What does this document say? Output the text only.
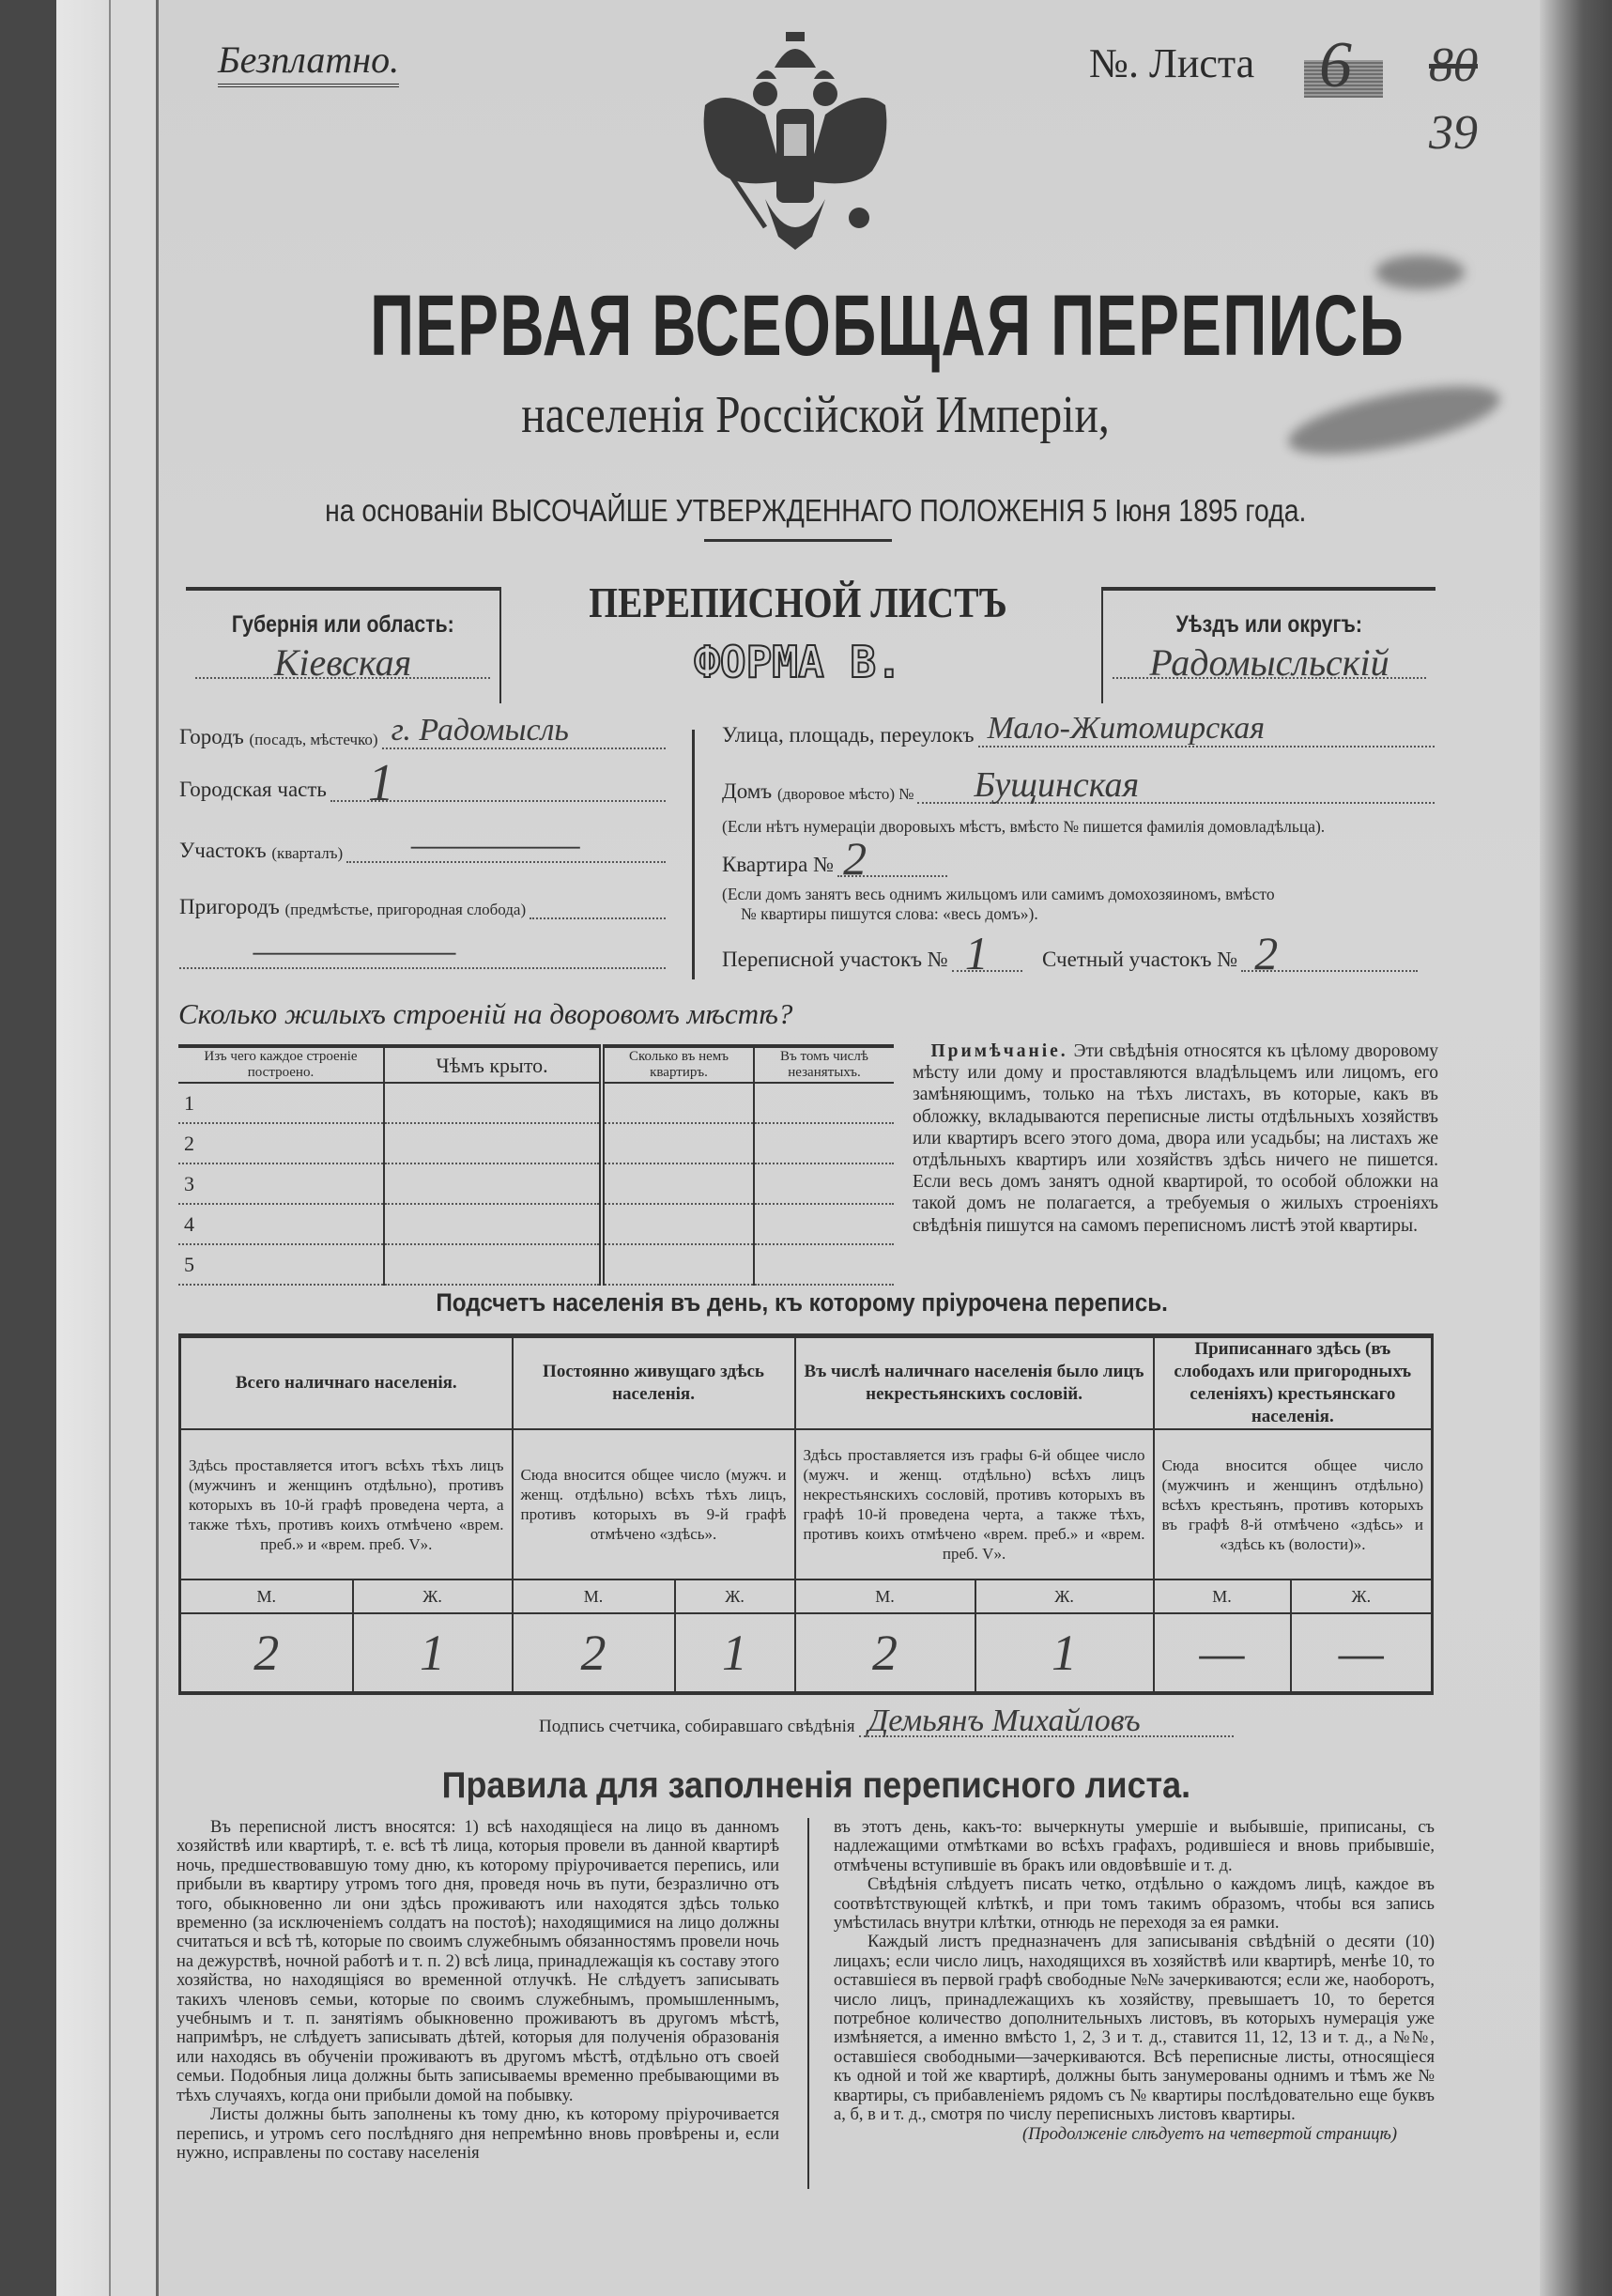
Безплатно.	№. Листа 6 80
39
ПЕРВАЯ ВСЕОБЩАЯ ПЕРЕПИСЬ
населенія Россійской Имперіи,
на основаніи ВЫСОЧАЙШЕ УТВЕРЖДЕННАГО ПОЛОЖЕНІЯ 5 Іюня 1895 года.
Губернія или область:
Кіевская
ПЕРЕПИСНОЙ ЛИСТЪ
ФОРМА В.
Уѣздъ или округъ:
Радомысльскій
Городъ
(посадъ, мѣстечко) г. Радомысль
Городская часть 1
Участокъ
(кварталъ) —
Пригородъ
(предмѣстье, пригородная слобода)
—
Улица, площадь, переулокъ Мало-Житомирская
Домъ
(дворовое мѣсто) № Бущинская
(Если нѣтъ нумераціи дворовыхъ мѣстъ, вмѣсто № пишется фамилія домовладѣльца).
Квартира № 2
(Если домъ занятъ весь однимъ жильцомъ или самимъ домохозяиномъ, вмѣсто
№ квартиры пишутся слова: «весь домъ»).
Переписной участокъ № 1 Счетный участокъ № 2
Сколько жилыхъ строеній на дворовомъ мѣстѣ?
Изъ чего каждое строеніе построено.	Чѣмъ крыто.	Сколько въ немъ квартиръ.	Въ томъ числѣ незанятыхъ.
1			
2			
3			
4			
5			
 Примѣчаніе. Эти свѣдѣнія относятся къ цѣлому дворовому мѣсту или дому и проставляются владѣльцемъ или лицомъ, его замѣняющимъ, только на тѣхъ листахъ, въ которые, какъ въ обложку, вкладываются переписные листы отдѣльныхъ хозяйствъ или квартиръ всего этого дома, двора или усадьбы; на листахъ же отдѣльныхъ квартиръ или хозяйствъ здѣсь ничего не пишется. Если весь домъ занятъ одной квартирой, то особой обложки на такой домъ не полагается, а требуемыя о жилыхъ строеніяхъ свѣдѣнія пишутся на самомъ переписномъ листѣ этой квартиры.
Подсчетъ населенія въ день, къ которому пріурочена перепись.
Всего наличнаго населенія.		Постоянно живущаго здѣсь населенія.		Въ числѣ наличнаго населенія было лицъ некрестьянскихъ сословій.		Приписаннаго здѣсь (въ слободахъ или пригородныхъ селеніяхъ) крестьянскаго населенія.	
Здѣсь проставляется итогъ всѣхъ тѣхъ лицъ (мужчинъ и женщинъ отдѣльно), противъ которыхъ въ 10-й графѣ проведена черта, а также тѣхъ, противъ коихъ отмѣчено «врем. преб.» и «врем. преб. V».		Сюда вносится общее число (мужч. и женщ. отдѣльно) всѣхъ тѣхъ лицъ, противъ которыхъ въ 9-й графѣ отмѣчено «здѣсь».		Здѣсь проставляется изъ графы 6-й общее число (мужч. и женщ. отдѣльно) всѣхъ лицъ некрестьянскихъ сословій, противъ которыхъ въ графѣ 10-й проведена черта, а также тѣхъ, противъ коихъ отмѣчено «врем. преб.» и «врем. преб. V».		Сюда вносится общее число (мужчинъ и женщинъ отдѣльно) всѣхъ крестьянъ, противъ которыхъ въ графѣ 8-й отмѣчено «здѣсь» и «здѣсь къ (волости)».	
М.	Ж.	М.	Ж.	М.	Ж.	М.	Ж.
2	1	2	1	2	1	—	—
Подпись счетчика, собиравшаго свѣдѣнія Демьянъ Михайловъ
Правила для заполненія переписного листа.

Въ переписной листъ вносятся: 1) всѣ находящіеся на лицо въ данномъ хозяйствѣ или квартирѣ, т. е. всѣ тѣ лица, которыя провели въ данной квартирѣ ночь, предшествовавшую тому дню, къ которому пріурочивается перепись, или прибыли въ квартиру утромъ того дня, проведя ночь въ пути, безразлично отъ того, обыкновенно ли они здѣсь проживаютъ или находятся здѣсь только временно (за исключеніемъ солдатъ на постоѣ); находящимися на лицо должны считаться и всѣ тѣ, которые по своимъ служебнымъ обязанностямъ провели ночь на дежурствѣ, ночной работѣ и т. п. 2) всѣ лица, принадлежащія къ составу этого хозяйства, но находящіяся во временной отлучкѣ. Не слѣдуетъ записывать такихъ членовъ семьи, которые по своимъ служебнымъ, промышленнымъ, учебнымъ и т. п. занятіямъ обыкновенно проживаютъ въ другомъ мѣстѣ, напримѣръ, не слѣдуетъ записывать дѣтей, которыя для полученія образованія или находясь въ обученіи проживаютъ въ другомъ мѣстѣ, отдѣльно отъ своей семьи. Подобныя лица должны быть записываемы временно пребывающими въ тѣхъ случаяхъ, когда они прибыли домой на побывку.

Листы должны быть заполнены къ тому дню, къ которому пріурочивается перепись, и утромъ сего послѣдняго дня непремѣнно вновь провѣрены и, если нужно, исправлены по составу населенія

въ этотъ день, какъ-то: вычеркнуты умершіе и выбывшіе, приписаны, съ надлежащими отмѣтками во всѣхъ графахъ, родившіеся и вновь прибывшіе, отмѣчены вступившіе въ бракъ или овдовѣвшіе и т. д.

Свѣдѣнія слѣдуетъ писать четко, отдѣльно о каждомъ лицѣ, каждое въ соотвѣтствующей клѣткѣ, и при томъ такимъ образомъ, чтобы вся запись умѣстилась внутри клѣтки, отнюдь не переходя за ея рамки.

Каждый листъ предназначенъ для записыванія свѣдѣній о десяти (10) лицахъ; если число лицъ, находящихся въ хозяйствѣ или квартирѣ, менѣе 10, то оставшіеся въ первой графѣ свободные №№ зачеркиваются; если же, наоборотъ, число лицъ, принадлежащихъ къ хозяйству, превышаетъ 10, то берется потребное количество дополнительныхъ листовъ, въ которыхъ нумерація уже измѣняется, а именно вмѣсто 1, 2, 3 и т. д., ставится 11, 12, 13 и т. д., а №№, оставшіеся свободными—зачеркиваются. Всѣ переписные листы, относящіеся къ одной и той же квартирѣ, должны быть занумерованы однимъ и тѣмъ же № квартиры, съ прибавленіемъ рядомъ съ № квартиры послѣдовательно еще буквъ а, б, в и т. д., смотря по числу переписныхъ листовъ квартиры.

(Продолженіе слѣдуетъ на четвертой страницѣ)
